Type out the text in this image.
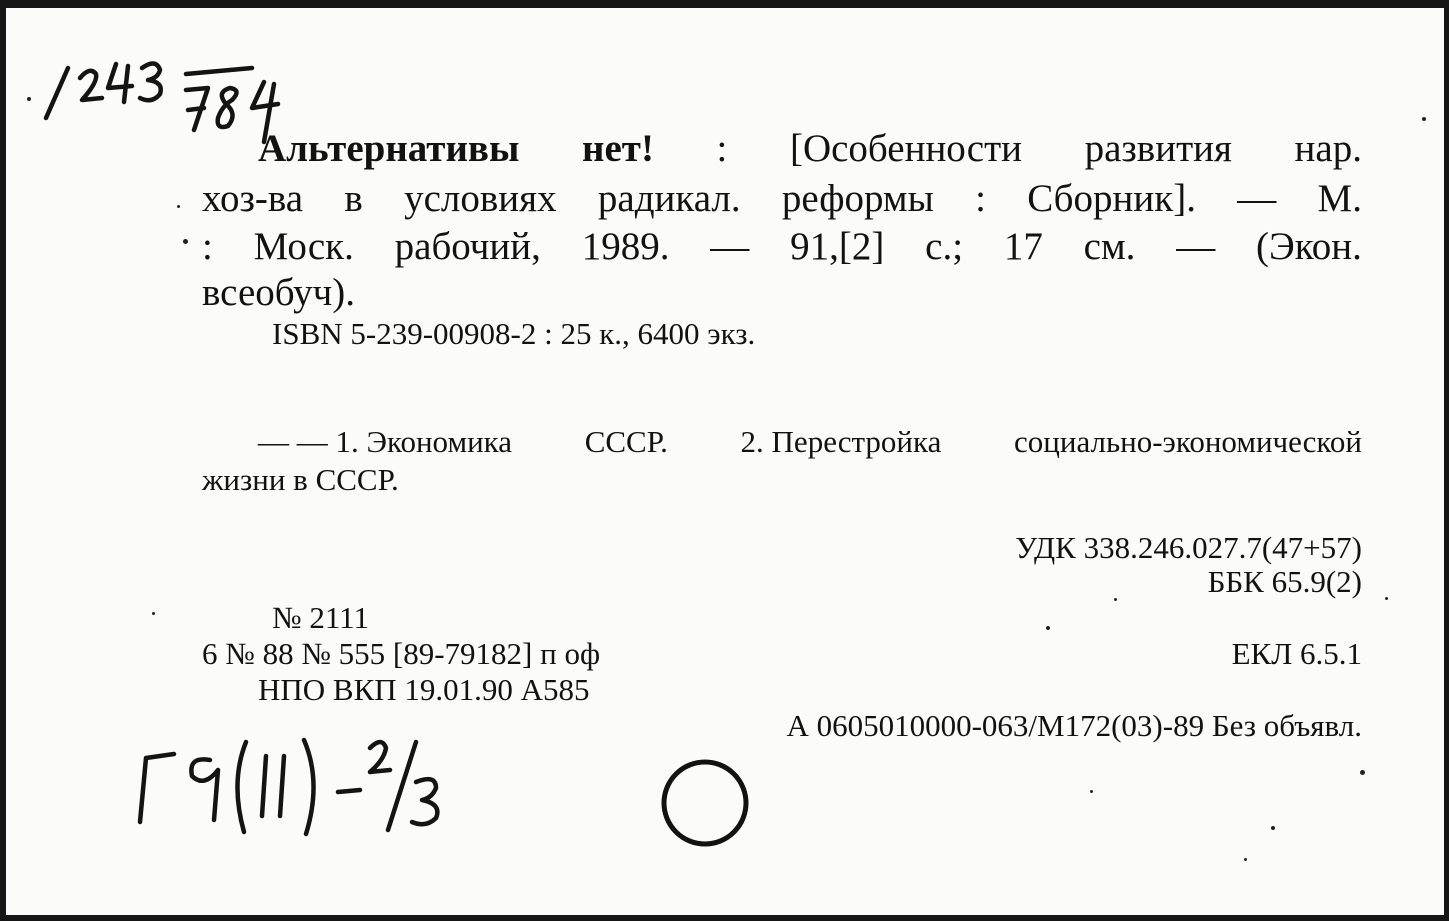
Альтернативы нет! : [Особенности развития нар.
хоз-ва в условиях радикал. реформы : Сборник]. — М.
: Моск. рабочий, 1989. — 91,[2] с.; 17 см. — (Экон.
всеобуч).
ISBN 5-239-00908-2 : 25 к., 6400 экз.
— — 1. Экономика СССР. 2. Перестройка социально-экономической
жизни в СССР.
УДК 338.246.027.7(47+57)
ББК 65.9(2)
№ 2111
6 № 88 № 555 [89-79182] п оф	ЕКЛ 6.5.1
НПО ВКП 19.01.90 А585
А 0605010000-063/М172(03)-89 Без объявл.
